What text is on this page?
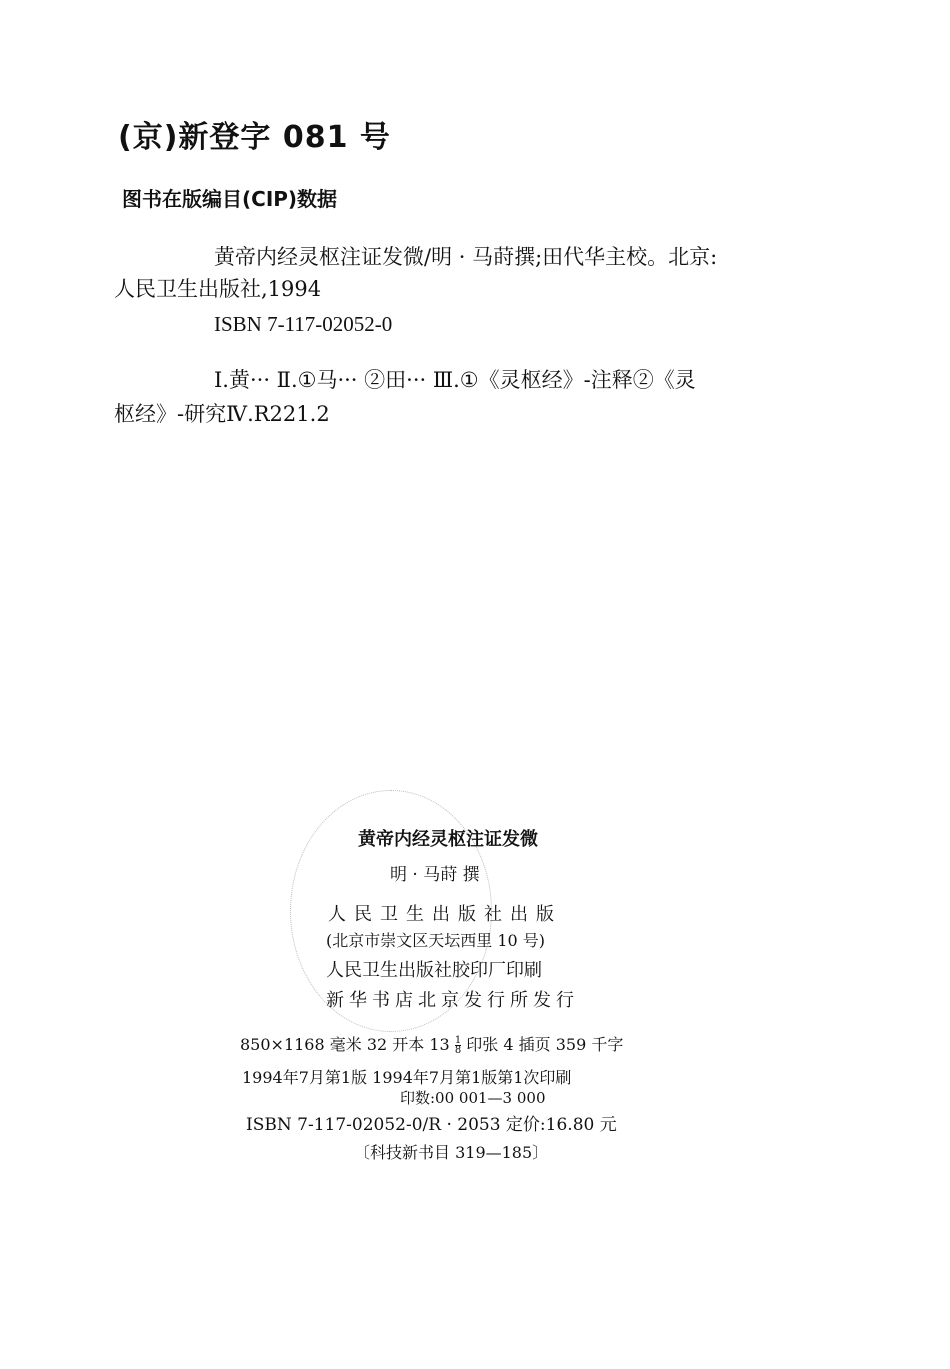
(京)新登字 081 号
图书在版编目(CIP)数据
黄帝内经灵枢注证发微/明 · 马莳撰;田代华主校。北京:
人民卫生出版社,1994
ISBN 7-117-02052-0
Ⅰ.黄··· Ⅱ.①马··· ②田··· Ⅲ.①《灵枢经》-注释②《灵
枢经》-研究Ⅳ.R221.2
黄帝内经灵枢注证发微
明 · 马莳 撰
人民卫生出版社出版
(北京市崇文区天坛西里 10 号)
人民卫生出版社胶印厂印刷
新华书店北京发行所发行
850×1168 毫米 32 开本 $13 \frac{1}{8}$ 印张 4 插页 359 千字
1994年7月第1版 1994年7月第1版第1次印刷
印数:00 001—3 000
ISBN 7-117-02052-0/R · 2053 定价:16.80 元
〔科技新书目 319—185〕
